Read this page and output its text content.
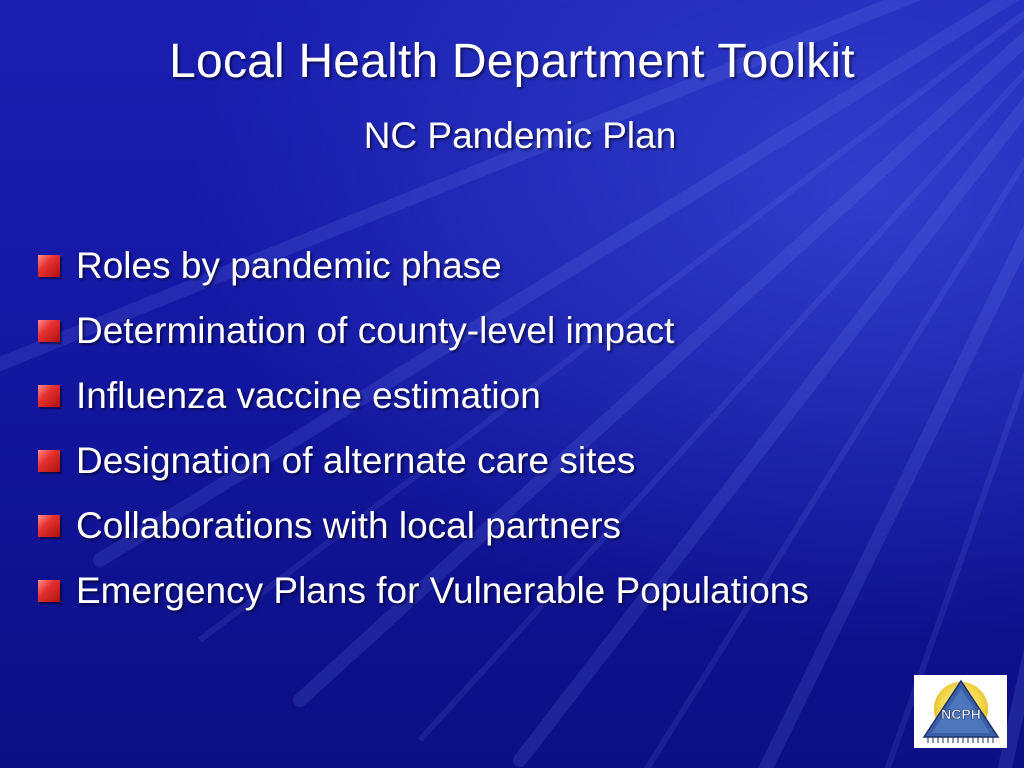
Local Health Department Toolkit
NC Pandemic Plan
Roles by pandemic phase
Determination of county-level impact
Influenza vaccine estimation
Designation of alternate care sites
Collaborations with local partners
Emergency Plans for Vulnerable Populations
NCPH
